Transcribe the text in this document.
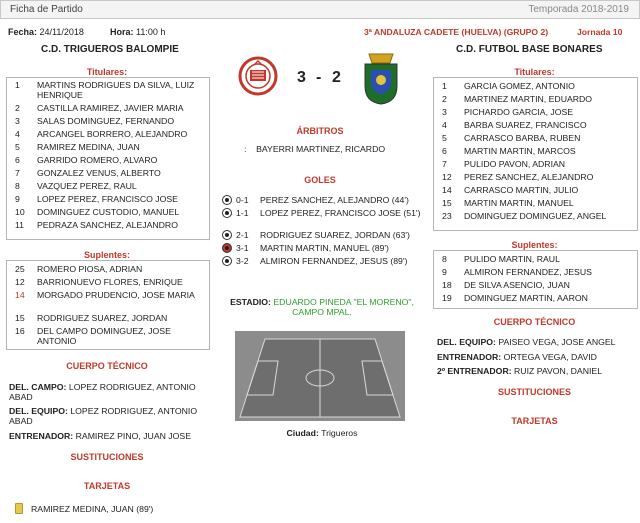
Ficha de Partido	Temporada 2018-2019
Fecha: 24/11/2018	Hora: 11:00 h	3ª ANDALUZA CADETE (HUELVA) (GRUPO 2)	Jornada 10
C.D. TRIGUEROS BALOMPIE	C.D. FUTBOL BASE BONARES
3 - 2
Titulares:
1	MARTINS RODRIGUES DA SILVA, LUIZ HENRIQUE
2	CASTILLA RAMIREZ, JAVIER MARIA
3	SALAS DOMINGUEZ, FERNANDO
4	ARCANGEL BORRERO, ALEJANDRO
5	RAMIREZ MEDINA, JUAN
6	GARRIDO ROMERO, ALVARO
7	GONZALEZ VENUS, ALBERTO
8	VAZQUEZ PEREZ, RAUL
9	LOPEZ PEREZ, FRANCISCO JOSE
10	DOMINGUEZ CUSTODIO, MANUEL
11	PEDRAZA SANCHEZ, ALEJANDRO
Suplentes:
25	ROMERO PIOSA, ADRIAN
12	BARRIONUEVO FLORES, ENRIQUE
14	MORGADO PRUDENCIO, JOSE MARIA
15	RODRIGUEZ SUAREZ, JORDAN
16	DEL CAMPO DOMINGUEZ, JOSE ANTONIO
CUERPO TÉCNICO
DEL. CAMPO: LOPEZ RODRIGUEZ, ANTONIO ABAD
DEL. EQUIPO: LOPEZ RODRIGUEZ, ANTONIO ABAD
ENTRENADOR: RAMIREZ PINO, JUAN JOSE
SUSTITUCIONES
TARJETAS
RAMIREZ MEDINA, JUAN (89')
ÁRBITROS
: BAYERRI MARTINEZ, RICARDO
GOLES
0-1 PEREZ SANCHEZ, ALEJANDRO (44')
1-1 LOPEZ PEREZ, FRANCISCO JOSE (51')
2-1 RODRIGUEZ SUAREZ, JORDAN (63')
3-1 MARTIN MARTIN, MANUEL (89')
3-2 ALMIRON FERNANDEZ, JESUS (89')
ESTADIO: EDUARDO PINEDA "EL MORENO", CAMPO MPAL.
Ciudad: Trigueros
Titulares:
1	GARCIA GOMEZ, ANTONIO
2	MARTINEZ MARTIN, EDUARDO
3	PICHARDO GARCIA, JOSE
4	BARBA SUAREZ, FRANCISCO
5	CARRASCO BARBA, RUBEN
6	MARTIN MARTIN, MARCOS
7	PULIDO PAVON, ADRIAN
12	PEREZ SANCHEZ, ALEJANDRO
14	CARRASCO MARTIN, JULIO
15	MARTIN MARTIN, MANUEL
23	DOMINGUEZ DOMINGUEZ, ANGEL
Suplentes:
8	PULIDO MARTIN, RAUL
9	ALMIRON FERNANDEZ, JESUS
18	DE SILVA ASENCIO, JUAN
19	DOMINGUEZ MARTIN, AARON
CUERPO TÉCNICO
DEL. EQUIPO: PAISEO VEGA, JOSE ANGEL
ENTRENADOR: ORTEGA VEGA, DAVID
2º ENTRENADOR: RUIZ PAVON, DANIEL
SUSTITUCIONES
TARJETAS
